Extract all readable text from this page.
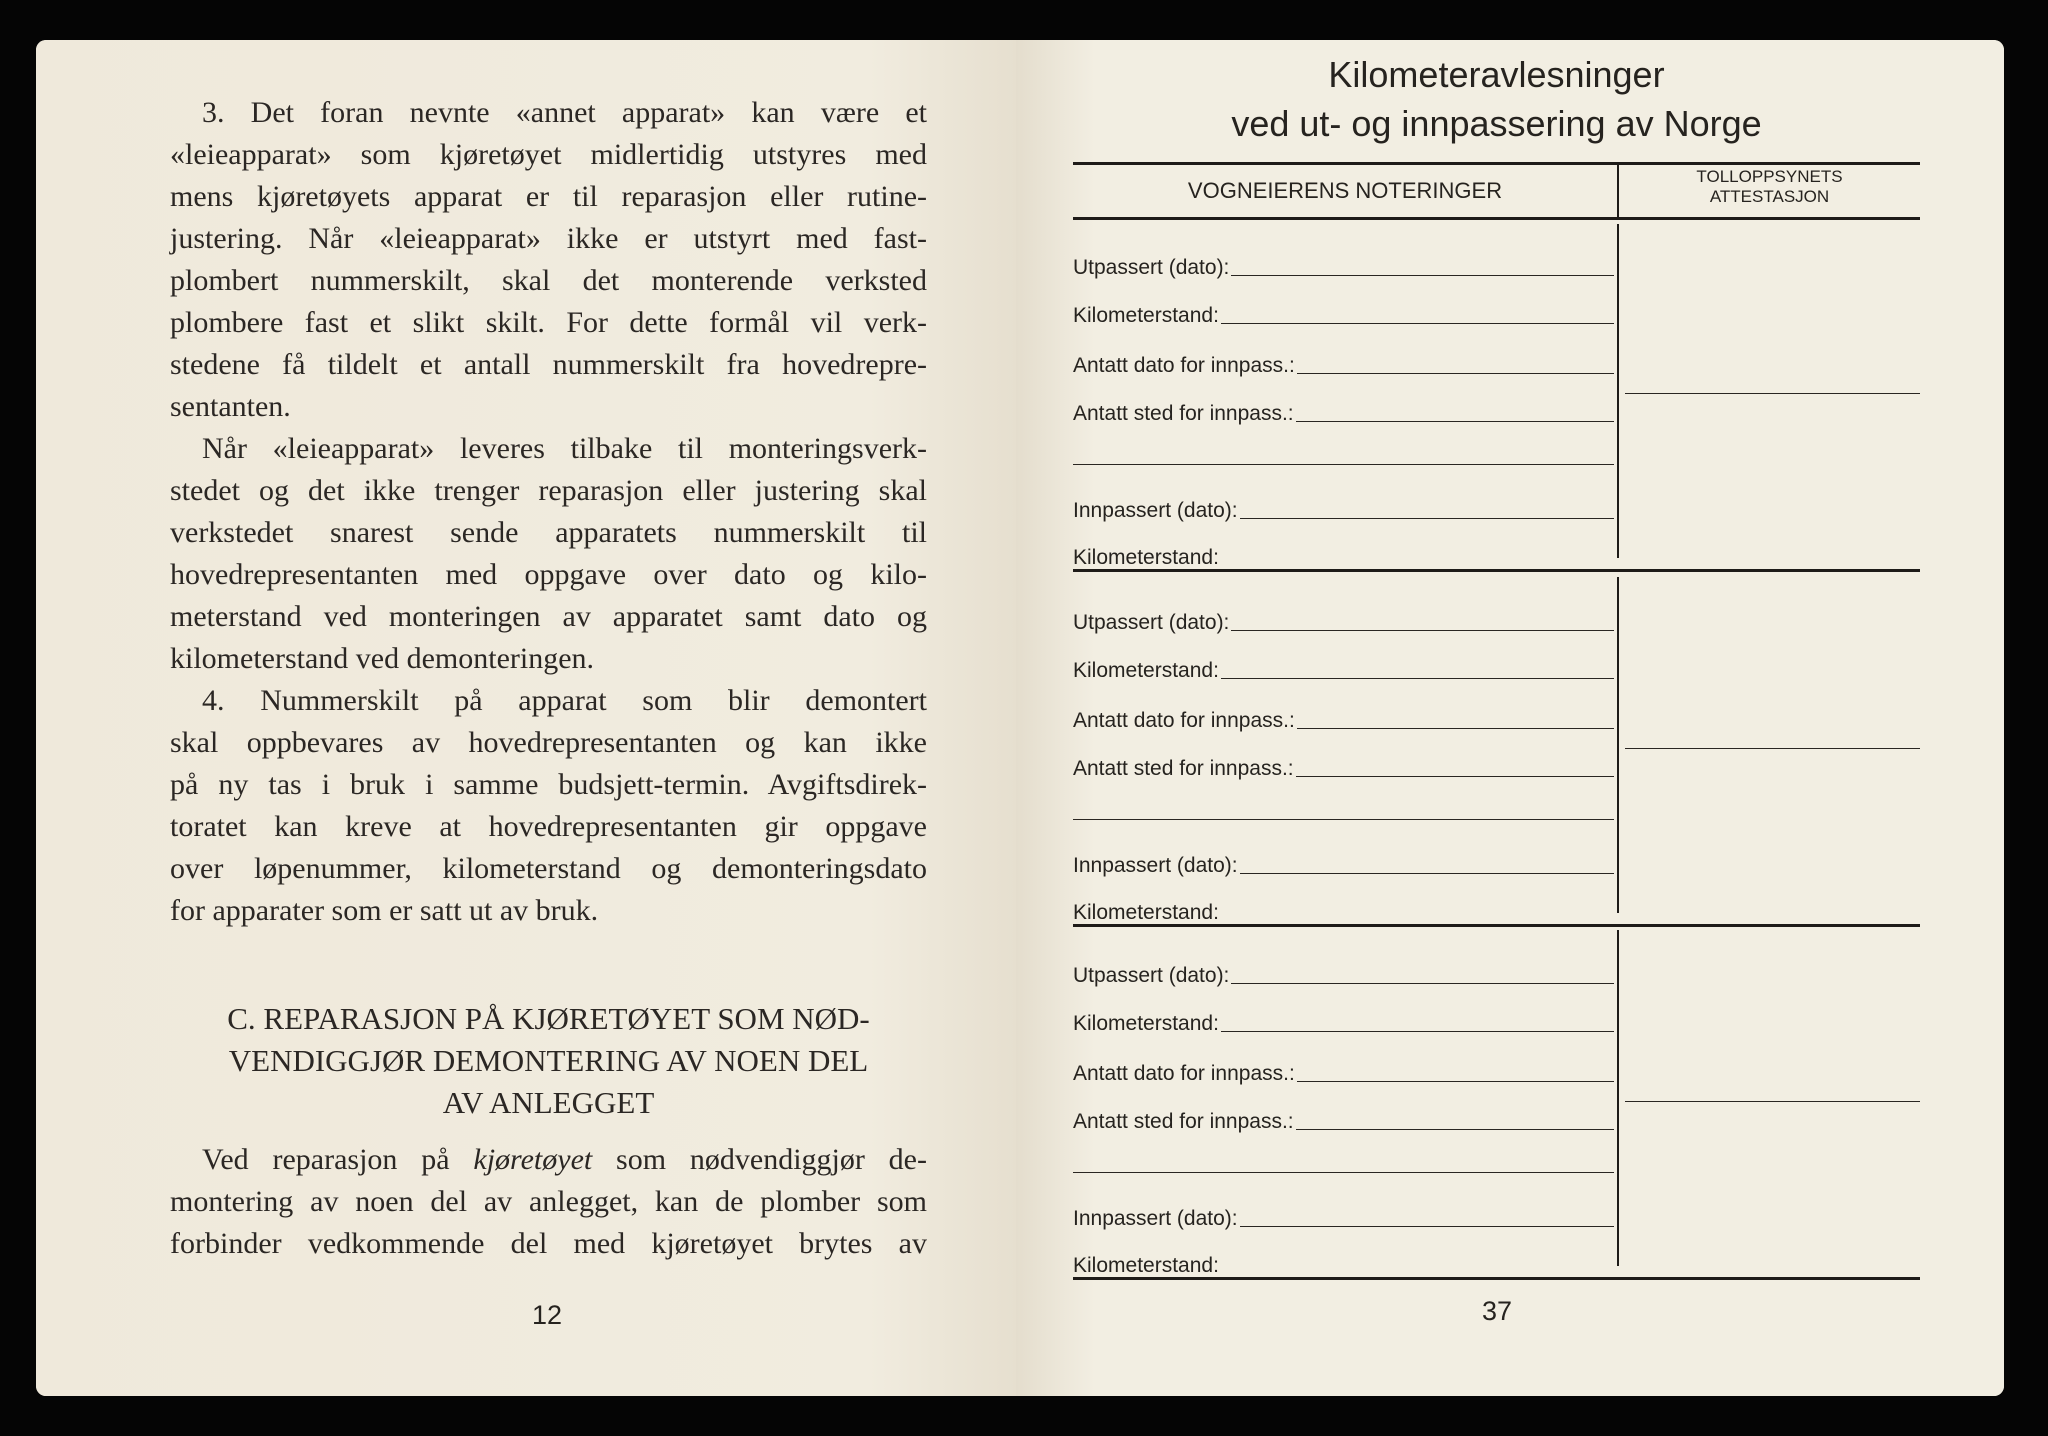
3. Det foran nevnte «annet apparat» kan være et
«leieapparat» som kjøretøyet midlertidig utstyres med
mens kjøretøyets apparat er til reparasjon eller rutine-
justering. Når «leieapparat» ikke er utstyrt med fast-
plombert nummerskilt, skal det monterende verksted
plombere fast et slikt skilt. For dette formål vil verk-
stedene få tildelt et antall nummerskilt fra hovedrepre-
sentanten.
Når «leieapparat» leveres tilbake til monteringsverk-
stedet og det ikke trenger reparasjon eller justering skal
verkstedet snarest sende apparatets nummerskilt til
hovedrepresentanten med oppgave over dato og kilo-
meterstand ved monteringen av apparatet samt dato og
kilometerstand ved demonteringen.
4. Nummerskilt på apparat som blir demontert
skal oppbevares av hovedrepresentanten og kan ikke
på ny tas i bruk i samme budsjett-termin. Avgiftsdirek-
toratet kan kreve at hovedrepresentanten gir oppgave
over løpenummer, kilometerstand og demonteringsdato
for apparater som er satt ut av bruk.
C. REPARASJON PÅ KJØRETØYET SOM NØD-
VENDIGGJØR DEMONTERING AV NOEN DEL
AV ANLEGGET
Ved reparasjon på kjøretøyet som nødvendiggjør de-
montering av noen del av anlegget, kan de plomber som
forbinder vedkommende del med kjøretøyet brytes av
12
Kilometeravlesninger
ved ut- og innpassering av Norge
VOGNEIERENS NOTERINGER
TOLLOPPSYNETS
ATTESTASJON
Utpassert (dato):
Kilometerstand:
Antatt dato for innpass.:
Antatt sted for innpass.:
Innpassert (dato):
Kilometerstand:
Utpassert (dato):
Kilometerstand:
Antatt dato for innpass.:
Antatt sted for innpass.:
Innpassert (dato):
Kilometerstand:
Utpassert (dato):
Kilometerstand:
Antatt dato for innpass.:
Antatt sted for innpass.:
Innpassert (dato):
Kilometerstand:
37
